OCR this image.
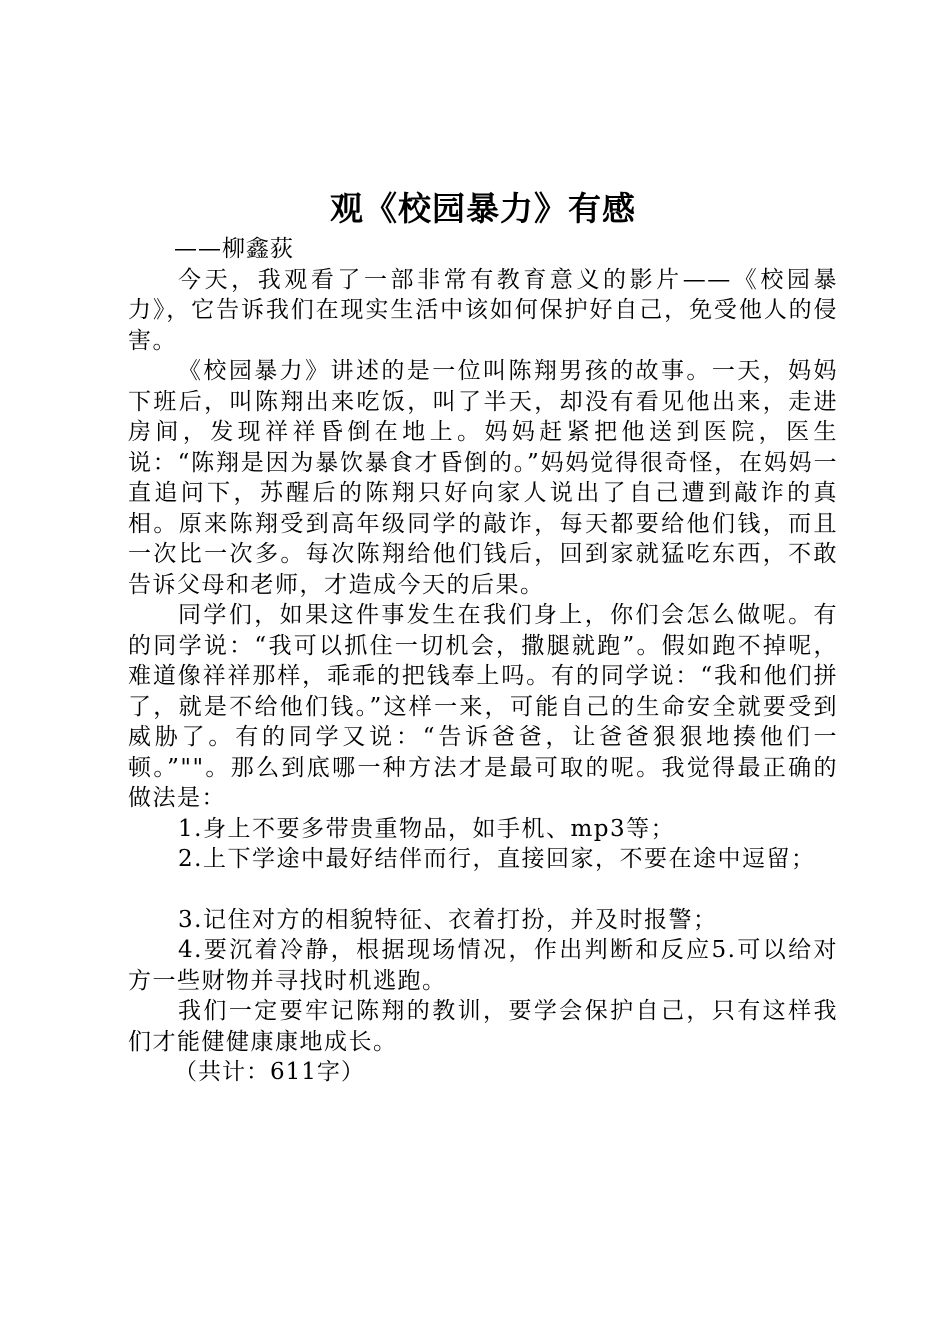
观《校园暴力》有感

——柳鑫荻

今天，我观看了一部非常有教育意义的影片——《校园暴力》，它告诉我们在现实生活中该如何保护好自己，免受他人的侵害。

《校园暴力》讲述的是一位叫陈翔男孩的故事。一天，妈妈下班后，叫陈翔出来吃饭，叫了半天，却没有看见他出来，走进房间，发现祥祥昏倒在地上。妈妈赶紧把他送到医院，医生说：“陈翔是因为暴饮暴食才昏倒的。”妈妈觉得很奇怪，在妈妈一直追问下，苏醒后的陈翔只好向家人说出了自己遭到敲诈的真相。原来陈翔受到高年级同学的敲诈，每天都要给他们钱，而且一次比一次多。每次陈翔给他们钱后，回到家就猛吃东西，不敢告诉父母和老师，才造成今天的后果。

同学们，如果这件事发生在我们身上，你们会怎么做呢。有的同学说：“我可以抓住一切机会，撒腿就跑”。假如跑不掉呢，难道像祥祥那样，乖乖的把钱奉上吗。有的同学说：“我和他们拼了，就是不给他们钱。”这样一来，可能自己的生命安全就要受到威胁了。有的同学又说：“告诉爸爸，让爸爸狠狠地揍他们一顿。”""。那么到底哪一种方法才是最可取的呢。我觉得最正确的做法是：

1.身上不要多带贵重物品，如手机、mp3等；

2.上下学途中最好结伴而行，直接回家，不要在途中逗留；

3.记住对方的相貌特征、衣着打扮，并及时报警；

4.要沉着冷静，根据现场情况，作出判断和反应5.可以给对方一些财物并寻找时机逃跑。

我们一定要牢记陈翔的教训，要学会保护自己，只有这样我们才能健健康康地成长。

（共计：611字）
